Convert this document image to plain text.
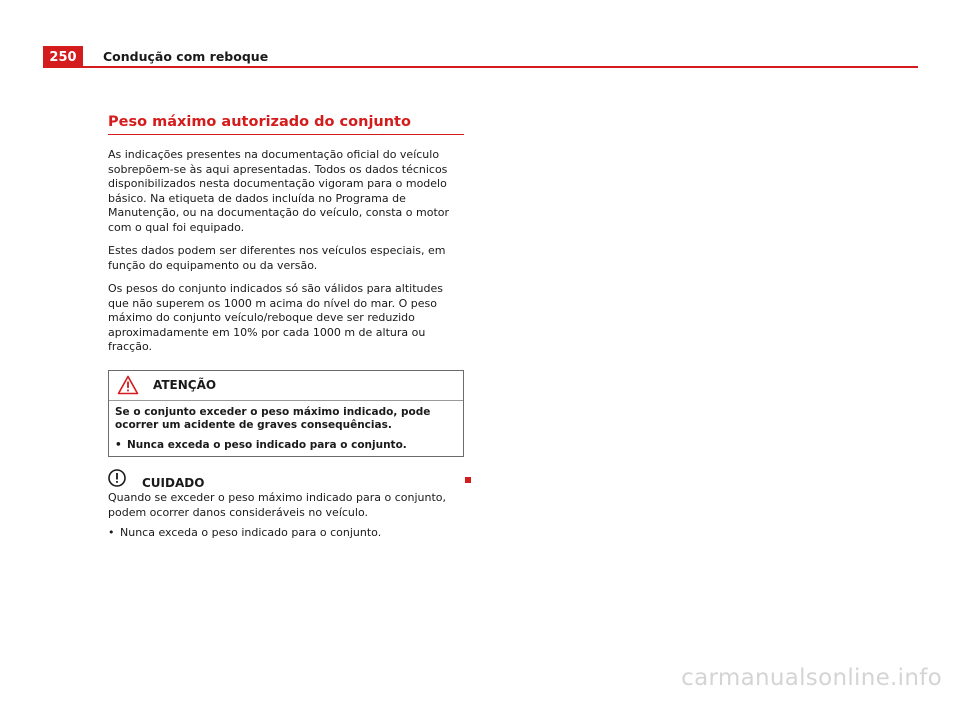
250	Condução com reboque
Peso máximo autorizado do conjunto

As indicações presentes na documentação oficial do veículo sobrepõem-se às aqui apresentadas. Todos os dados técnicos disponibilizados nesta documentação vigoram para o modelo básico. Na etiqueta de dados incluída no Programa de Manutenção, ou na documentação do veículo, consta o motor com o qual foi equipado.

Estes dados podem ser diferentes nos veículos especiais, em função do equipamento ou da versão.

Os pesos do conjunto indicados só são válidos para altitudes que não superem os 1000 m acima do nível do mar. O peso máximo do conjunto veículo/reboque deve ser reduzido aproximadamente em 10% por cada 1000 m de altura ou fracção.

ATENÇÃO

Se o conjunto exceder o peso máximo indicado, pode ocorrer um acidente de graves consequências.

• Nunca exceda o peso indicado para o conjunto.
CUIDADO

Quando se exceder o peso máximo indicado para o conjunto, podem ocorrer danos consideráveis no veículo.

• Nunca exceda o peso indicado para o conjunto.
carmanualsonline.info
